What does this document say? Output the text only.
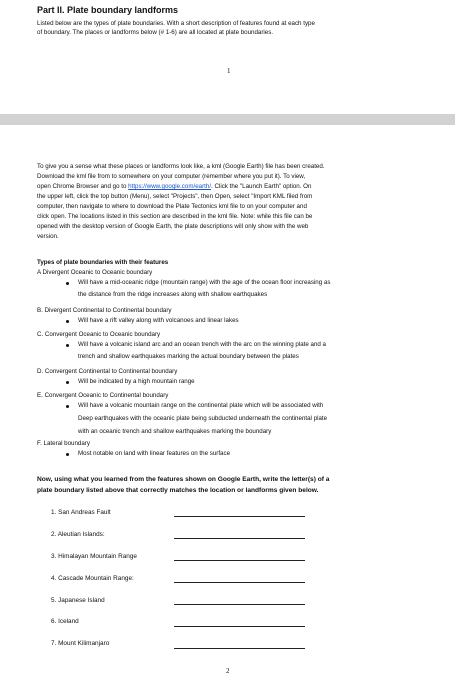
Part II. Plate boundary landforms
Listed below are the types of plate boundaries. With a short description of features found at each type
of boundary. The places or landforms below (# 1-6) are all located at plate boundaries.
1
To give you a sense what these places or landforms look like, a kml (Google Earth) file has been created.
Download the kml file from to somewhere on your computer (remember where you put it). To view,
open Chrome Browser and go to https://www.google.com/earth/. Click the "Launch Earth" option. On
the upper left, click the top button (Menu), select "Projects", then Open, select "Import KML filed from
computer, then navigate to where to download the Plate Tectonics kml file to on your computer and
click open. The locations listed in this section are described in the kml file. Note: while this file can be
opened with the desktop version of Google Earth, the plate descriptions will only show with the web
version.
Types of plate boundaries with their features
A Divergent Oceanic to Oceanic boundary
Will have a mid-oceanic ridge (mountain range) with the age of the ocean floor increasing as
the distance from the ridge increases along with shallow earthquakes
B. Divergent Continental to Continental boundary
Will have a rift valley along with volcanoes and linear lakes
C. Convergent Oceanic to Oceanic boundary
Will have a volcanic island arc and an ocean trench with the arc on the winning plate and a
trench and shallow earthquakes marking the actual boundary between the plates
D. Convergent Continental to Continental boundary
Will be indicated by a high mountain range
E. Convergent Oceanic to Continental boundary
Will have a volcanic mountain range on the continental plate which will be associated with
Deep earthquakes with the oceanic plate being subducted underneath the continental plate
with an oceanic trench and shallow earthquakes marking the boundary
F. Lateral boundary
Most notable on land with linear features on the surface
Now, using what you learned from the features shown on Google Earth, write the letter(s) of a
plate boundary listed above that correctly matches the location or landforms given below.
1. San Andreas Fault
2. Aleutian Islands:
3. Himalayan Mountain Range
4. Cascade Mountain Range:
5. Japanese Island
6. Iceland
7. Mount Kilimanjaro
2
